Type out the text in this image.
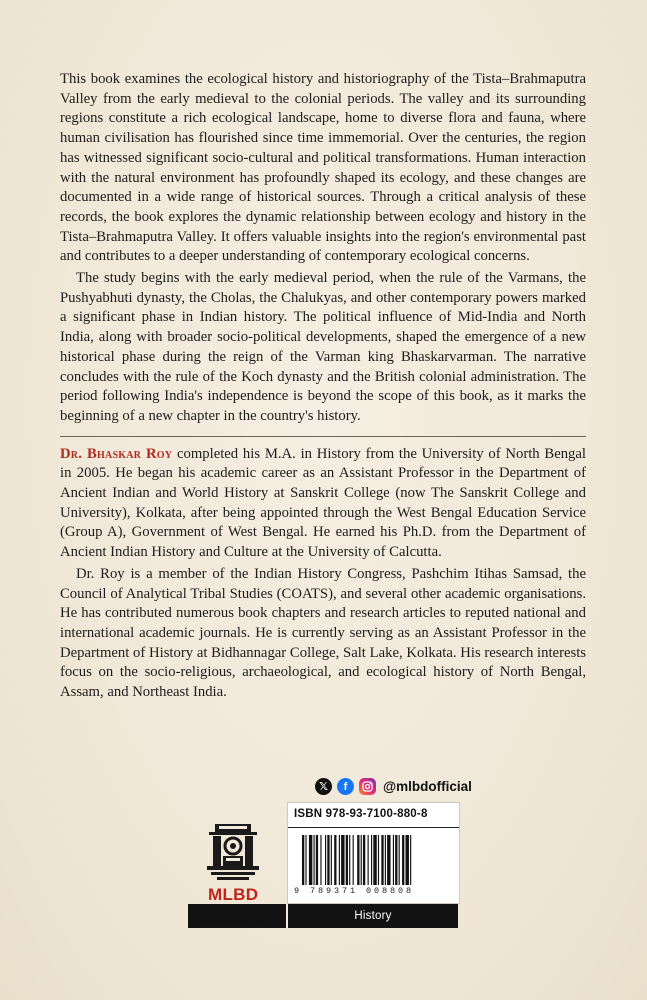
This book examines the ecological history and historiography of the Tista–Brahmaputra Valley from the early medieval to the colonial periods. The valley and its surrounding regions constitute a rich ecological landscape, home to diverse flora and fauna, where human civilisation has flourished since time immemorial. Over the centuries, the region has witnessed significant socio-cultural and political transformations. Human interaction with the natural environment has profoundly shaped its ecology, and these changes are documented in a wide range of historical sources. Through a critical analysis of these records, the book explores the dynamic relationship between ecology and history in the Tista–Brahmaputra Valley. It offers valuable insights into the region's environmental past and contributes to a deeper understanding of contemporary ecological concerns.

The study begins with the early medieval period, when the rule of the Varmans, the Pushyabhuti dynasty, the Cholas, the Chalukyas, and other contemporary powers marked a significant phase in Indian history. The political influence of Mid-India and North India, along with broader socio-political developments, shaped the emergence of a new historical phase during the reign of the Varman king Bhaskarvarman. The narrative concludes with the rule of the Koch dynasty and the British colonial administration. The period following India's independence is beyond the scope of this book, as it marks the beginning of a new chapter in the country's history.

Dr. Bhaskar Roy completed his M.A. in History from the University of North Bengal in 2005. He began his academic career as an Assistant Professor in the Department of Ancient Indian and World History at Sanskrit College (now The Sanskrit College and University), Kolkata, after being appointed through the West Bengal Education Service (Group A), Government of West Bengal. He earned his Ph.D. from the Department of Ancient Indian History and Culture at the University of Calcutta.

Dr. Roy is a member of the Indian History Congress, Pashchim Itihas Samsad, the Council of Analytical Tribal Studies (COATS), and several other academic organisations. He has contributed numerous book chapters and research articles to reputed national and international academic journals. He is currently serving as an Assistant Professor in the Department of History at Bidhannagar College, Salt Lake, Kolkata. His research interests focus on the socio-religious, archaeological, and ecological history of North Bengal, Assam, and Northeast India.

𝕏	f	@mlbdofficial
MLBD
ISBN 978-93-7100-880-8
9 789371 008808
History
www.mlbd.in
